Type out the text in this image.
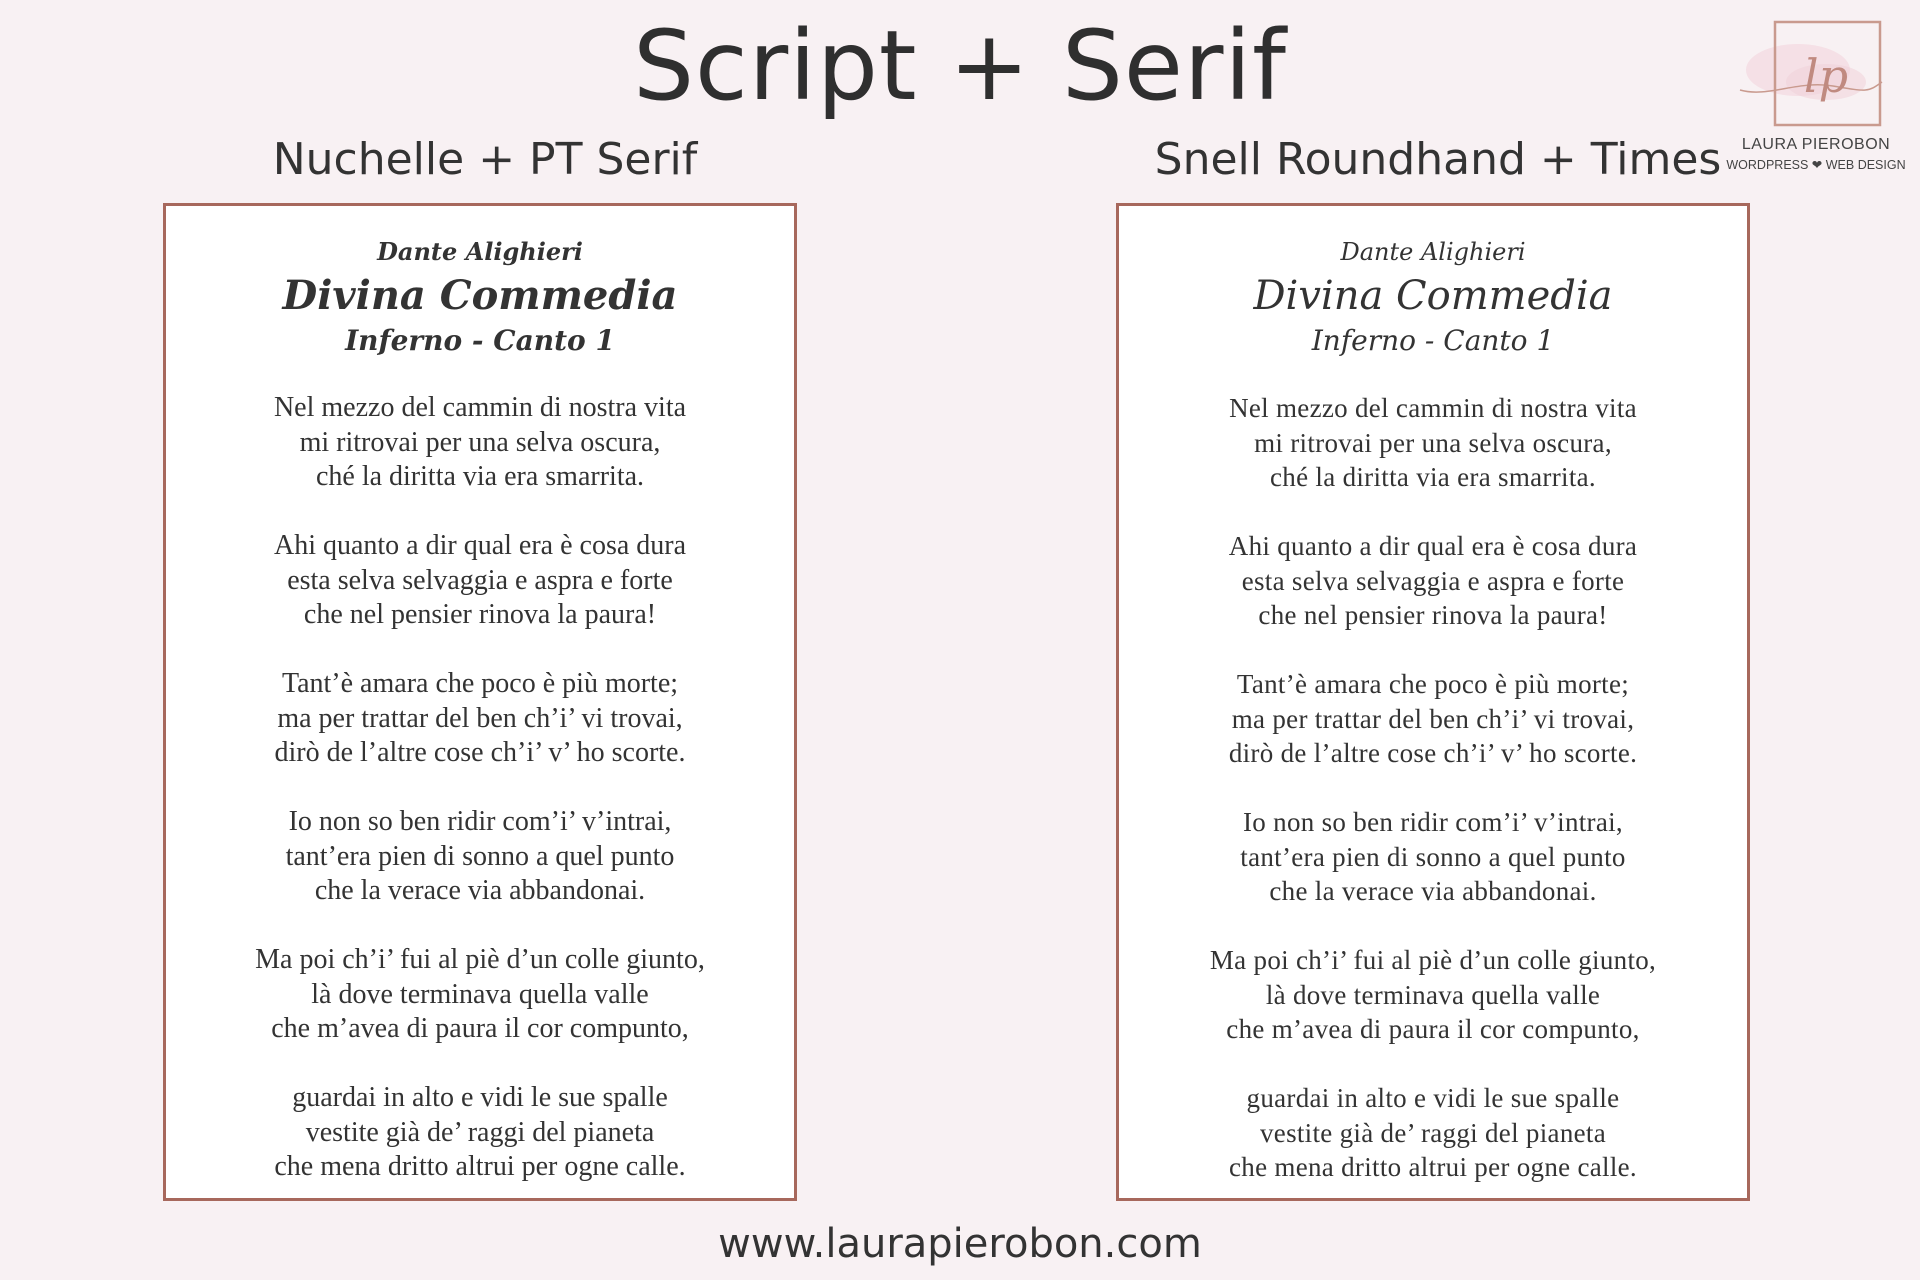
Script + Serif	lp
LAURA PIEROBON
WORDPRESS ❤ WEB DESIGN
Nuchelle + PT Serif	Snell Roundhand + Times
Dante Alighieri
Divina Commedia
Inferno - Canto 1
Nel mezzo del cammin di nostra vita
mi ritrovai per una selva oscura,
ché la diritta via era smarrita.
Ahi quanto a dir qual era è cosa dura
esta selva selvaggia e aspra e forte
che nel pensier rinova la paura!
Tant’è amara che poco è più morte;
ma per trattar del ben ch’i’ vi trovai,
dirò de l’altre cose ch’i’ v’ ho scorte.
Io non so ben ridir com’i’ v’intrai,
tant’era pien di sonno a quel punto
che la verace via abbandonai.
Ma poi ch’i’ fui al piè d’un colle giunto,
là dove terminava quella valle
che m’avea di paura il cor compunto,
guardai in alto e vidi le sue spalle
vestite già de’ raggi del pianeta
che mena dritto altrui per ogne calle.
Dante Alighieri
Divina Commedia
Inferno - Canto 1
Nel mezzo del cammin di nostra vita
mi ritrovai per una selva oscura,
ché la diritta via era smarrita.
Ahi quanto a dir qual era è cosa dura
esta selva selvaggia e aspra e forte
che nel pensier rinova la paura!
Tant’è amara che poco è più morte;
ma per trattar del ben ch’i’ vi trovai,
dirò de l’altre cose ch’i’ v’ ho scorte.
Io non so ben ridir com’i’ v’intrai,
tant’era pien di sonno a quel punto
che la verace via abbandonai.
Ma poi ch’i’ fui al piè d’un colle giunto,
là dove terminava quella valle
che m’avea di paura il cor compunto,
guardai in alto e vidi le sue spalle
vestite già de’ raggi del pianeta
che mena dritto altrui per ogne calle.
www.laurapierobon.com
